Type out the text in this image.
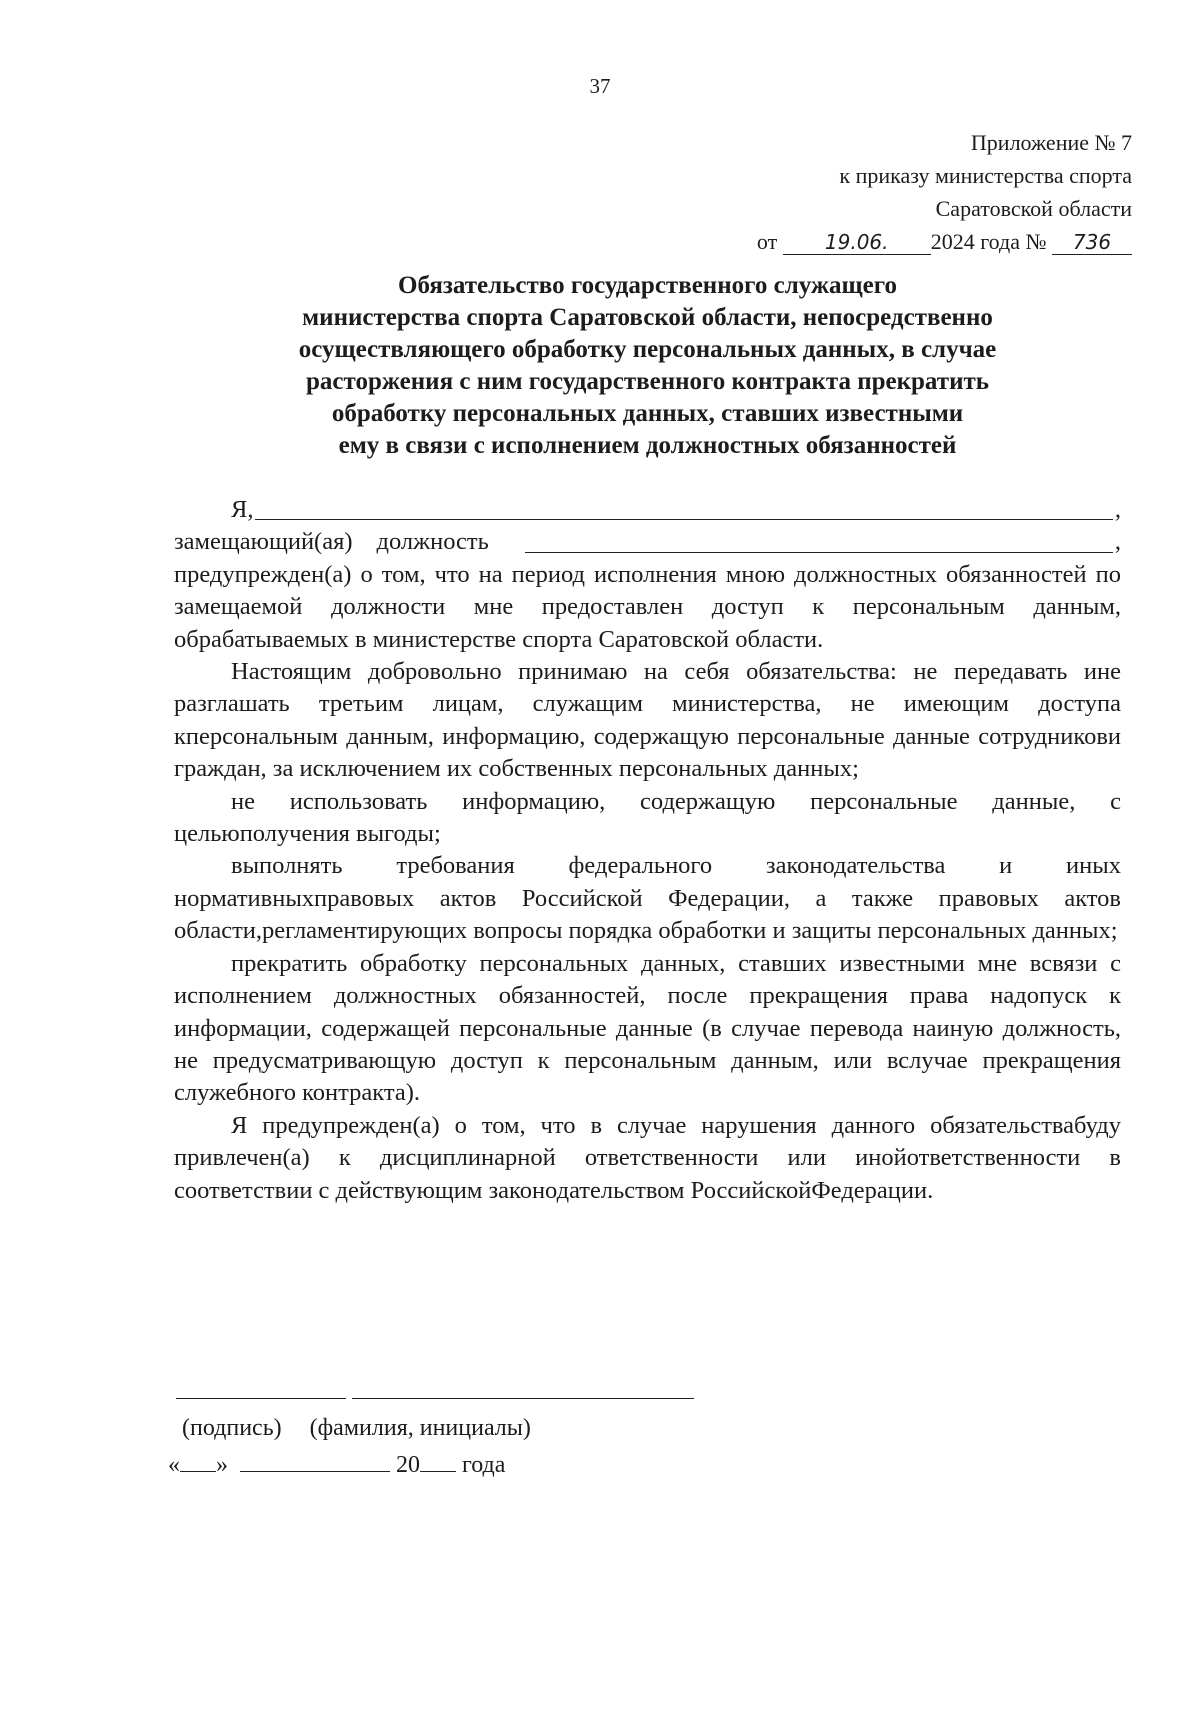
37
Приложение № 7
к приказу министерства спорта
Саратовской области
от 19.06. 2024 года № 736
Обязательство государственного служащего
министерства спорта Саратовской области, непосредственно
осуществляющего обработку персональных данных, в случае
расторжения с ним государственного контракта прекратить
обработку персональных данных, ставших известными
ему в связи с исполнением должностных обязанностей
Я,	,
замещающий(ая) должность	,

предупрежден(а) о том, что на период исполнения мною должностных обязанностей по замещаемой должности мне предоставлен доступ к персональным данным, обрабатываемых в министерстве спорта Саратовской области.

Настоящим добровольно принимаю на себя обязательства: не передавать ине разглашать третьим лицам, служащим министерства, не имеющим доступа кперсональным данным, информацию, содержащую персональные данные сотрудникови граждан, за исключением их собственных персональных данных;

не использовать информацию, содержащую персональные данные, с цельюполучения выгоды;

выполнять требования федерального законодательства и иных нормативныхправовых актов Российской Федерации, а также правовых актов области,регламентирующих вопросы порядка обработки и защиты персональных данных;

прекратить обработку персональных данных, ставших известными мне всвязи с исполнением должностных обязанностей, после прекращения права надопуск к информации, содержащей персональные данные (в случае перевода наиную должность, не предусматривающую доступ к персональным данным, или вслучае прекращения служебного контракта).

Я предупрежден(а) о том, что в случае нарушения данного обязательствабуду привлечен(а) к дисциплинарной ответственности или инойответственности в соответствии с действующим законодательством РоссийскойФедерации.

(подпись) (фамилия, инициалы)
« »	20 года
